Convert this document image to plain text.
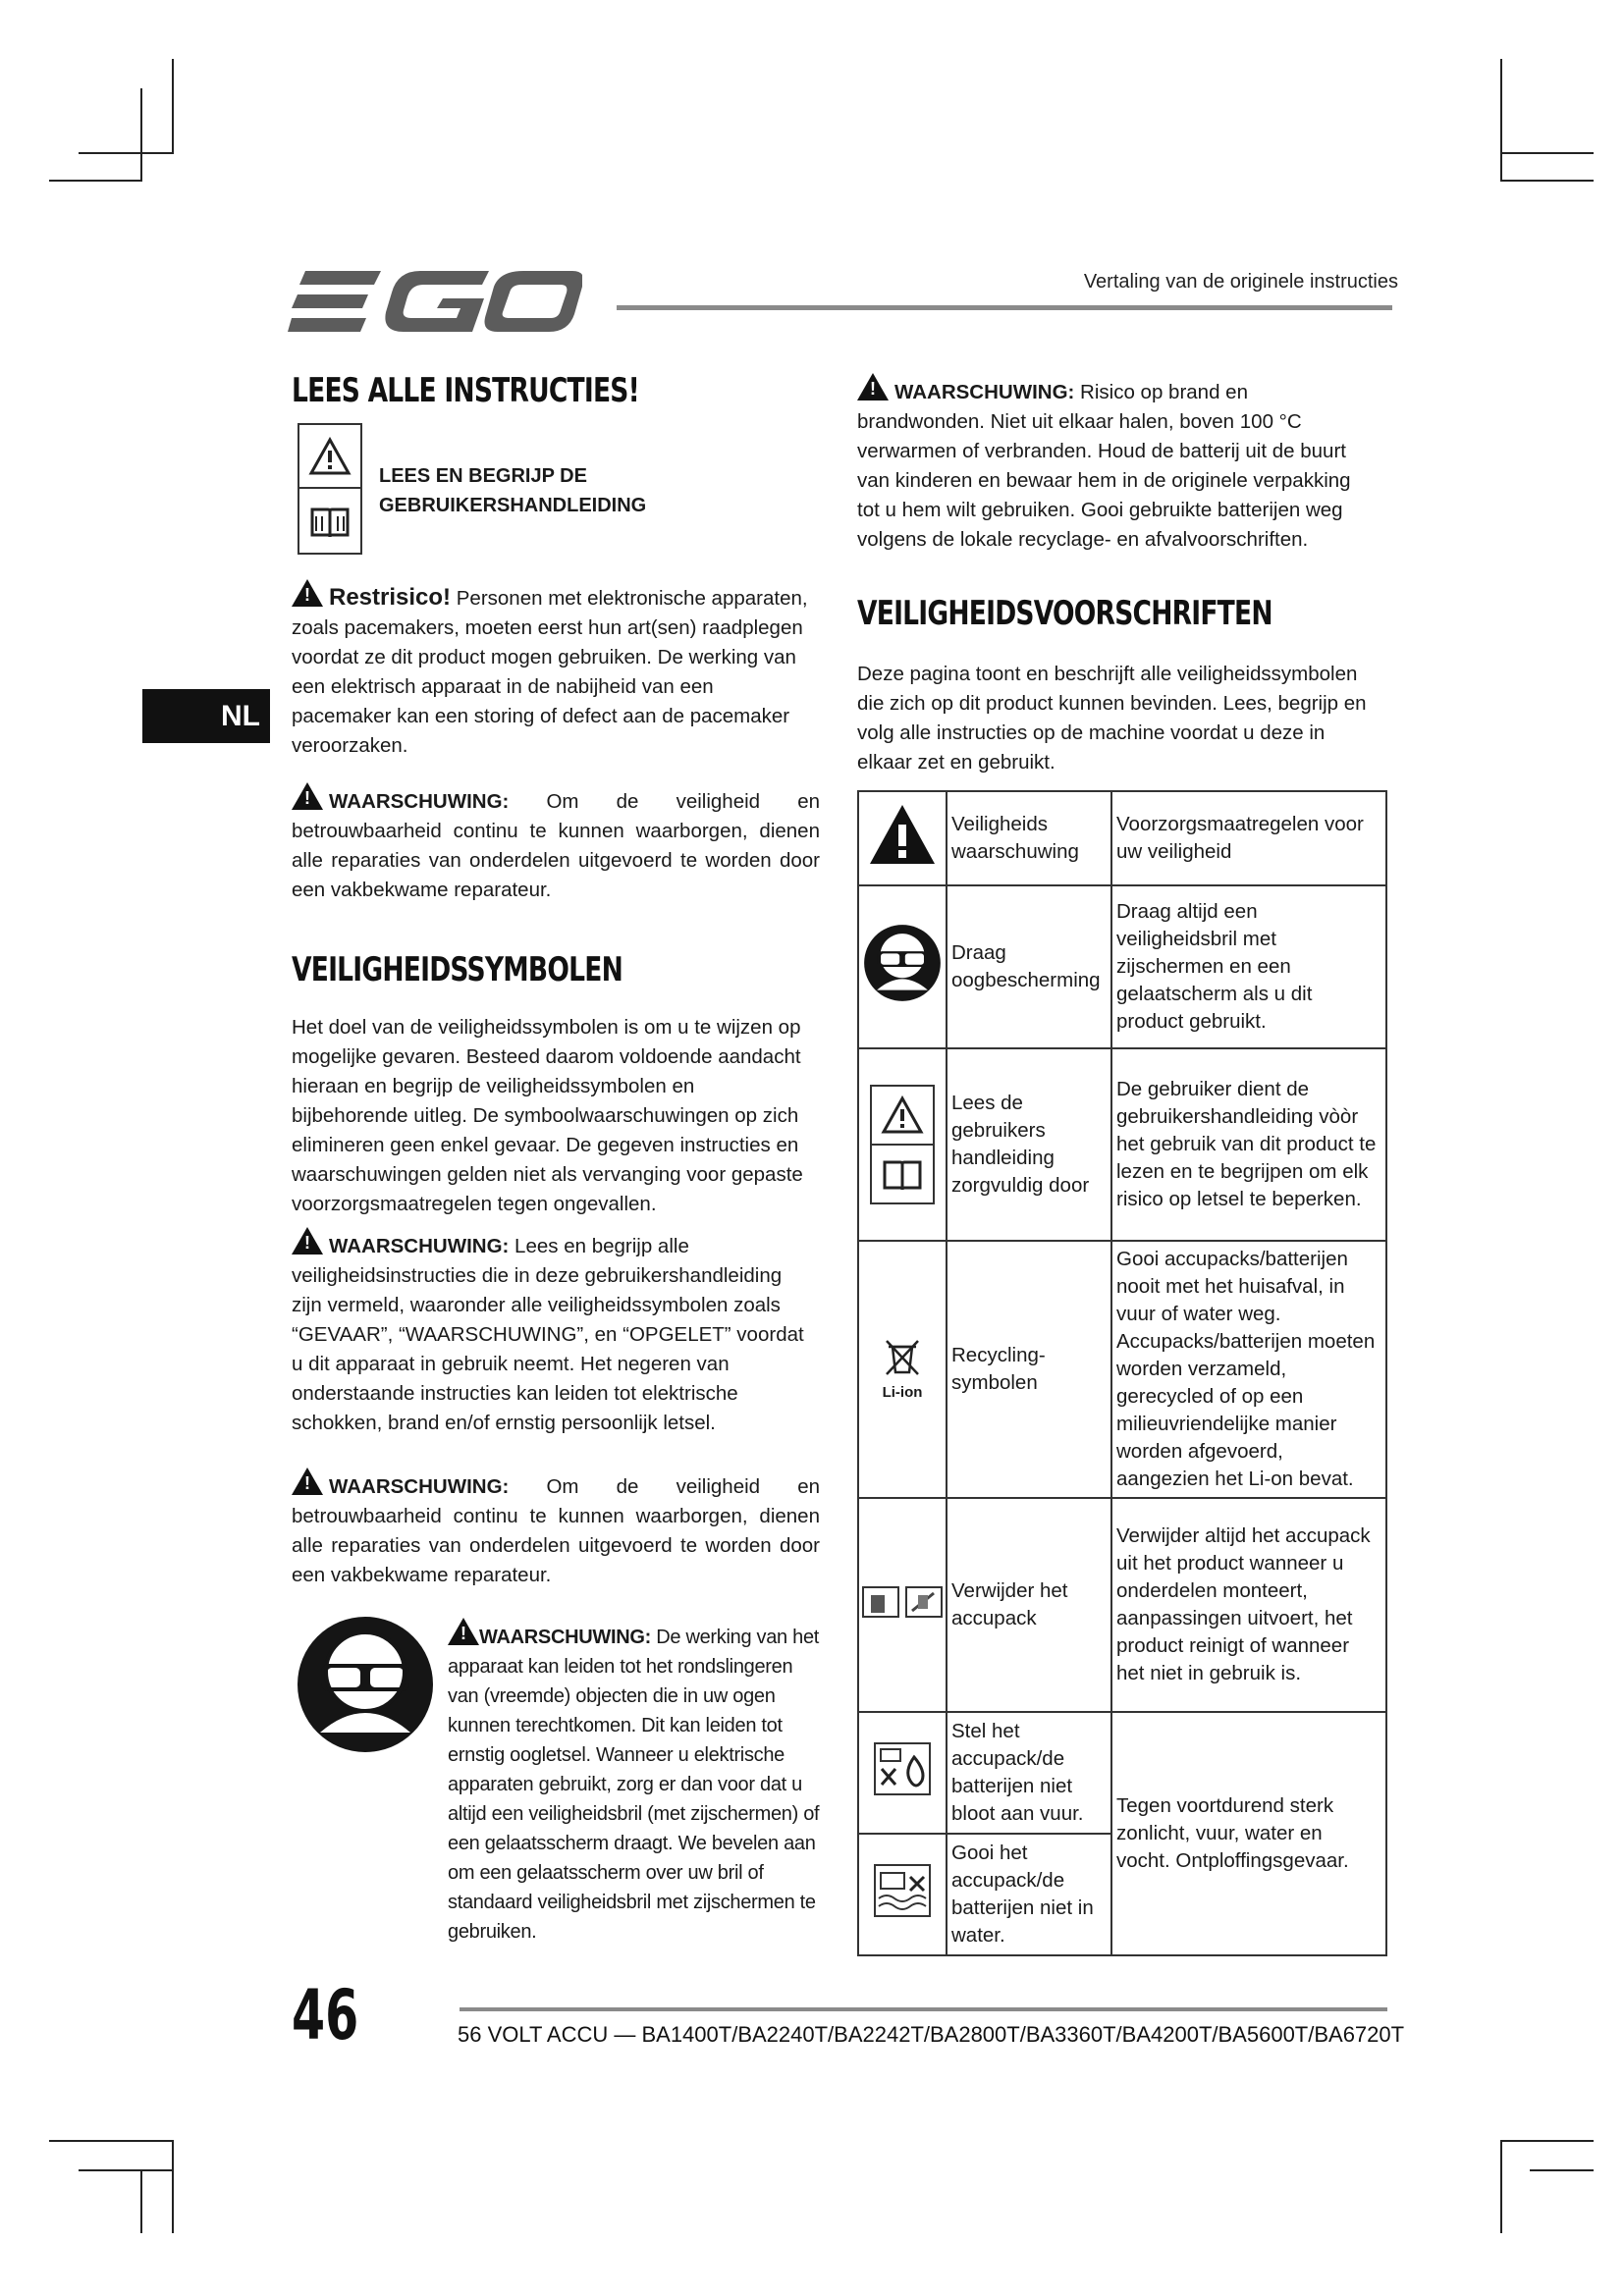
Vertaling van de originele instructies
NL
LEES ALLE INSTRUCTIES!
LEES EN BEGRIJP DE
GEBRUIKERSHANDLEIDING
!Restrisico! Personen met elektronische apparaten, zoals pacemakers, moeten eerst hun art(sen) raadplegen voordat ze dit product mogen gebruiken. De werking van een elektrisch apparaat in de nabijheid van een pacemaker kan een storing of defect aan de pacemaker veroorzaken.
!WAARSCHUWING: Om de veiligheid en betrouwbaarheid continu te kunnen waarborgen, dienen alle reparaties van onderdelen uitgevoerd te worden door een vakbekwame reparateur.
VEILIGHEIDSSYMBOLEN
Het doel van de veiligheidssymbolen is om u te wijzen op mogelijke gevaren. Besteed daarom voldoende aandacht hieraan en begrijp de veiligheidssymbolen en bijbehorende uitleg. De symboolwaarschuwingen op zich elimineren geen enkel gevaar. De gegeven instructies en waarschuwingen gelden niet als vervanging voor gepaste voorzorgsmaatregelen tegen ongevallen.
!WAARSCHUWING: Lees en begrijp alle veiligheidsinstructies die in deze gebruikershandleiding zijn vermeld, waaronder alle veiligheidssymbolen zoals “GEVAAR”, “WAARSCHUWING”, en “OPGELET” voordat u dit apparaat in gebruik neemt. Het negeren van onderstaande instructies kan leiden tot elektrische schokken, brand en/of ernstig persoonlijk letsel.
!WAARSCHUWING: Om de veiligheid en betrouwbaarheid continu te kunnen waarborgen, dienen alle reparaties van onderdelen uitgevoerd te worden door een vakbekwame reparateur.
!WAARSCHUWING: De werking van het apparaat kan leiden tot het rondslingeren van (vreemde) objecten die in uw ogen kunnen terechtkomen. Dit kan leiden tot ernstig oogletsel. Wanneer u elektrische apparaten gebruikt, zorg er dan voor dat u altijd een veiligheidsbril (met zijschermen) of een gelaatsscherm draagt. We bevelen aan om een gelaatsscherm over uw bril of standaard veiligheidsbril met zijschermen te gebruiken.
!WAARSCHUWING: Risico op brand en brandwonden. Niet uit elkaar halen, boven 100 °C verwarmen of verbranden. Houd de batterij uit de buurt van kinderen en bewaar hem in de originele verpakking tot u hem wilt gebruiken. Gooi gebruikte batterijen weg volgens de lokale recyclage- en afvalvoorschriften.
VEILIGHEIDSVOORSCHRIFTEN
Deze pagina toont en beschrijft alle veiligheidssymbolen die zich op dit product kunnen bevinden. Lees, begrijp en volg alle instructies op de machine voordat u deze in elkaar zet en gebruikt.
	Veiligheids waarschuwing	Voorzorgsmaatregelen voor uw veiligheid
	Draag oogbescherming	Draag altijd een veiligheidsbril met zijschermen en een gelaatscherm als u dit product gebruikt.

	Lees de gebruikers handleiding zorgvuldig door	De gebruiker dient de gebruikershandleiding vòòr het gebruik van dit product te lezen en te begrijpen om elk risico op letsel te beperken.

Li-ion	Recycling-symbolen	Gooi accupacks/batterijen nooit met het huisafval, in vuur of water weg. Accupacks/batterijen moeten worden verzameld, gerecycled of op een milieuvriendelijke manier worden afgevoerd, aangezien het Li-on bevat.
	Verwijder het accupack	Verwijder altijd het accupack uit het product wanneer u onderdelen monteert, aanpassingen uitvoert, het product reinigt of wanneer het niet in gebruik is.
	Stel het accupack/de batterijen niet bloot aan vuur.	Tegen voortdurend sterk zonlicht, vuur, water en vocht. Ontploffingsgevaar.
	Gooi het accupack/de batterijen niet in water.	
46	56 VOLT ACCU — BA1400T/BA2240T/BA2242T/BA2800T/BA3360T/BA4200T/BA5600T/BA6720T
